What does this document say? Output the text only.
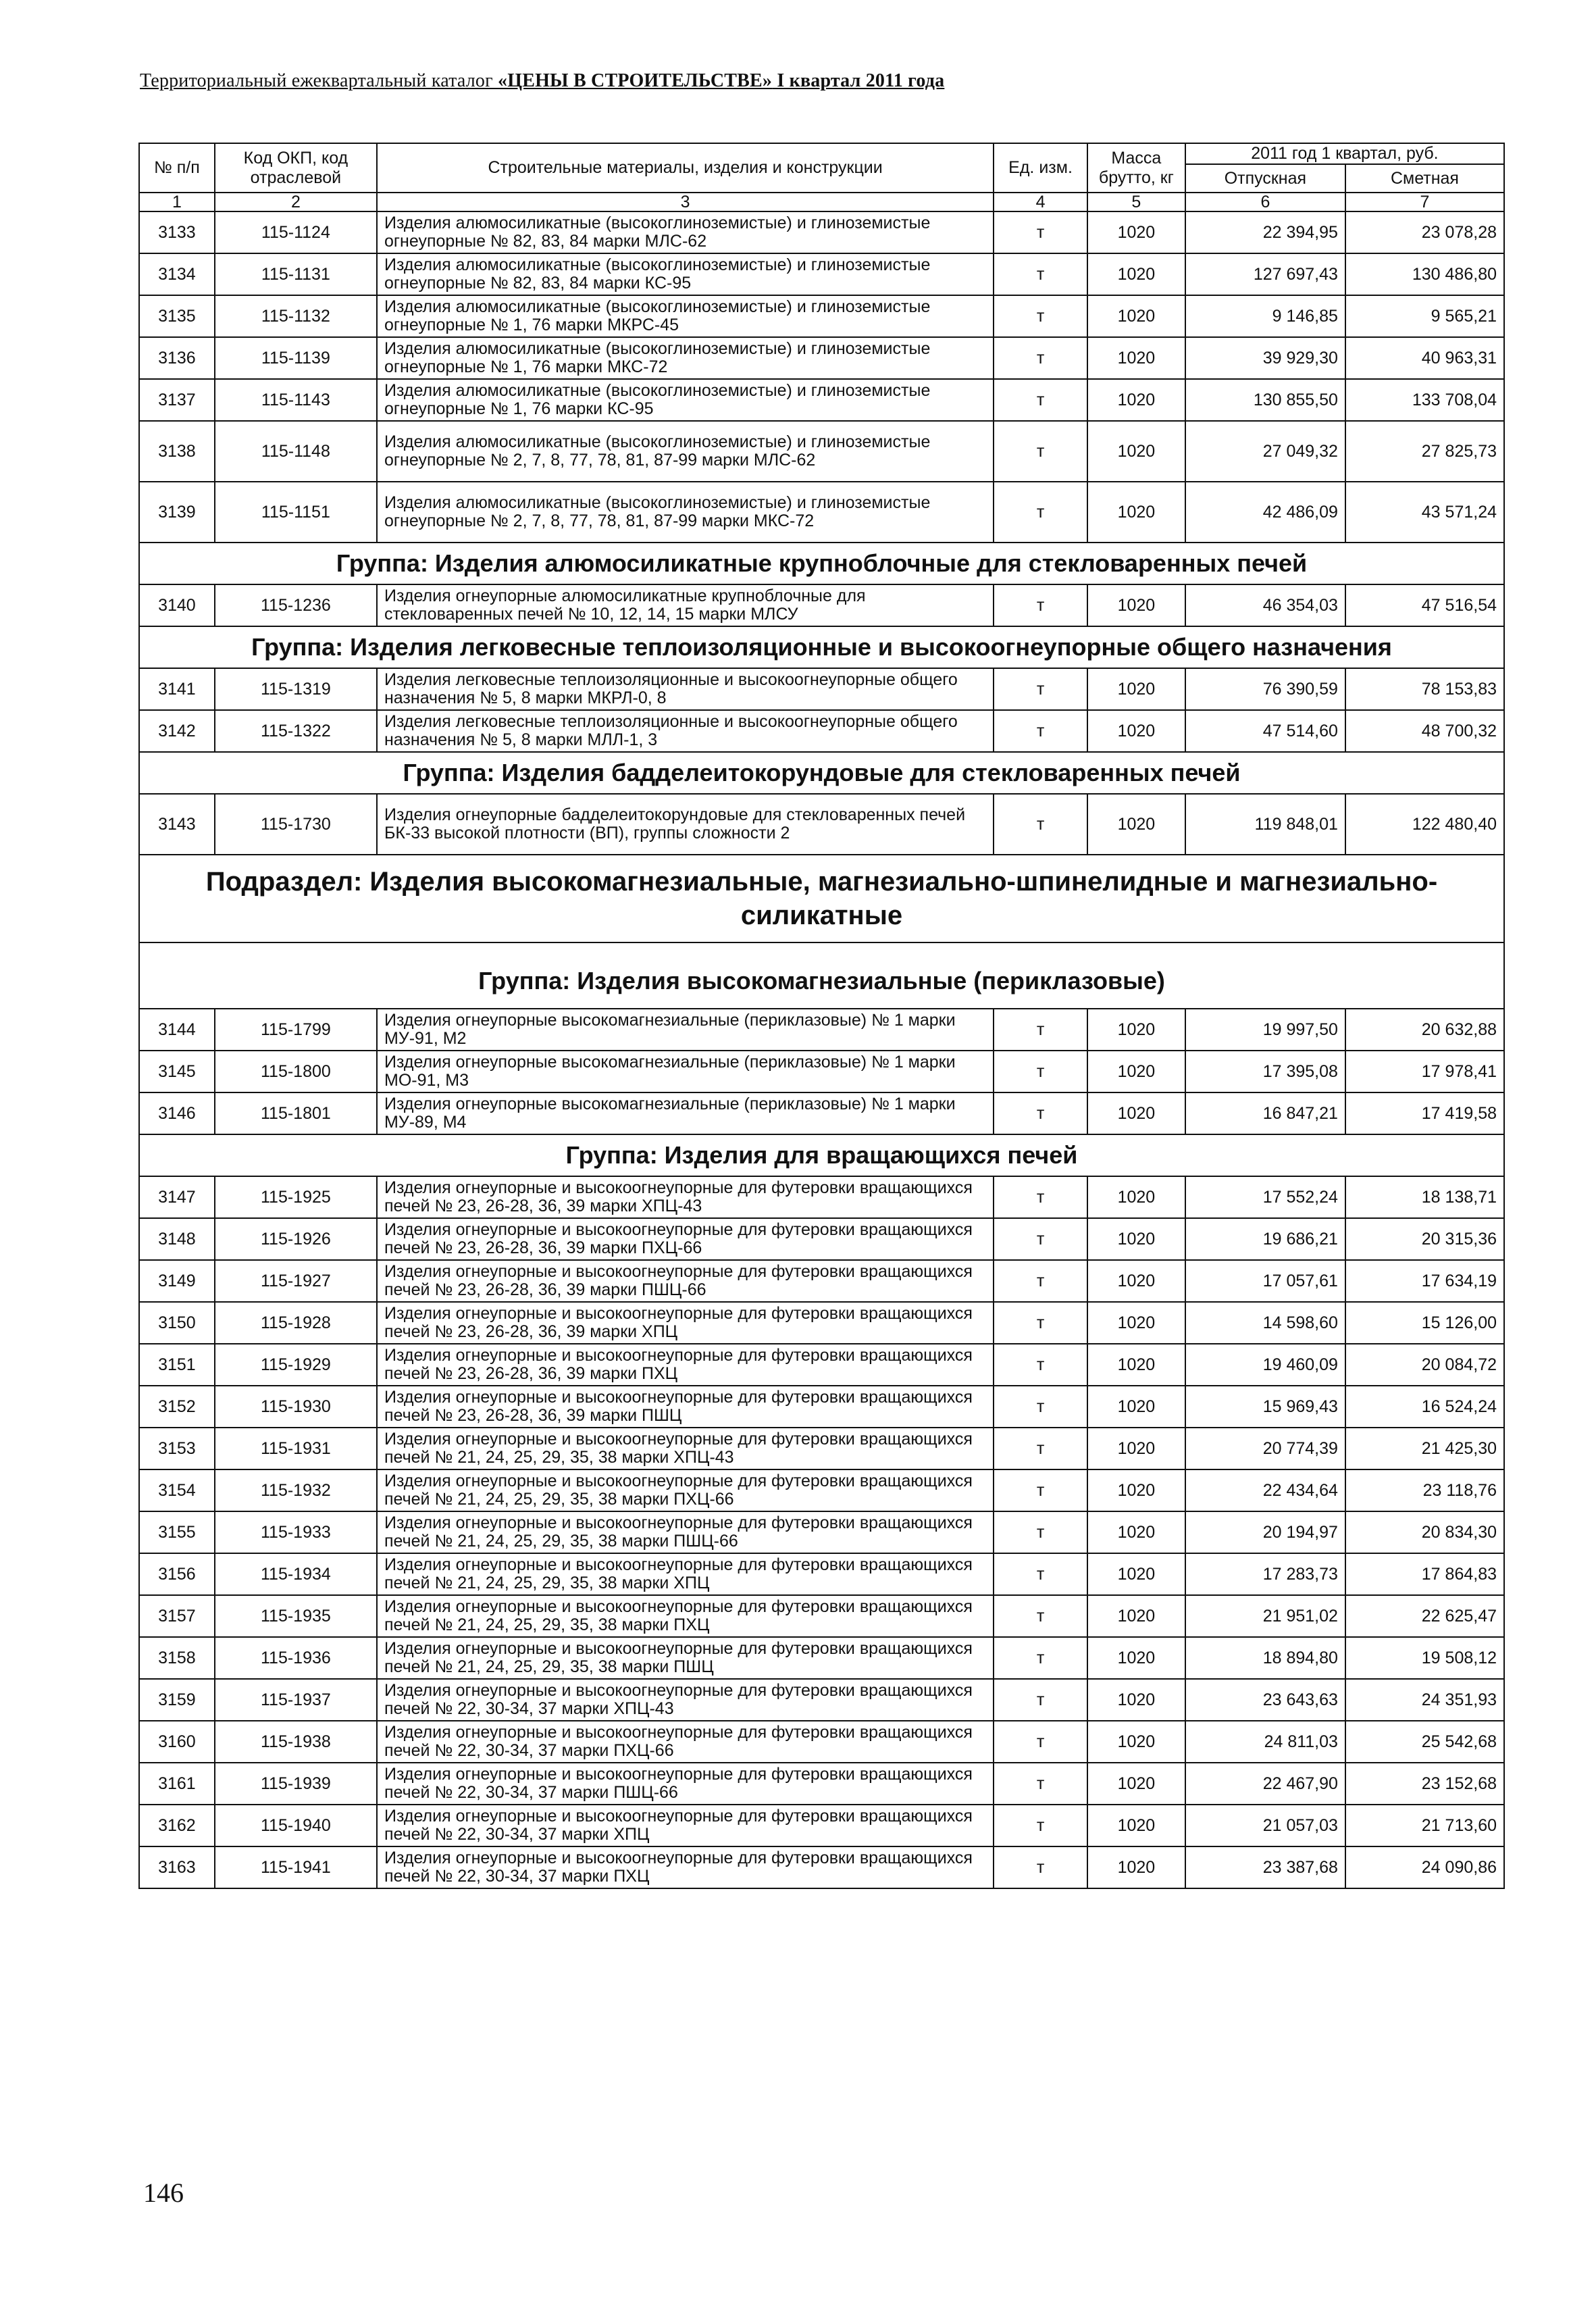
Территориальный ежеквартальный каталог «ЦЕНЫ В СТРОИТЕЛЬСТВЕ» I квартал 2011 года
№ п/п	Код ОКП, код отраслевой	Строительные материалы, изделия и конструкции	Ед. изм.	Масса брутто, кг	2011 год 1 квартал, руб.	
					Отпускная	Сметная
1	2	3	4	5	6	7
3133	115-1124	Изделия алюмосиликатные (высокоглиноземистые) и глиноземистые огнеупорные № 82, 83, 84 марки МЛС-62	т	1020	22 394,95	23 078,28
3134	115-1131	Изделия алюмосиликатные (высокоглиноземистые) и глиноземистые огнеупорные № 82, 83, 84 марки КС-95	т	1020	127 697,43	130 486,80
3135	115-1132	Изделия алюмосиликатные (высокоглиноземистые) и глиноземистые огнеупорные № 1, 76 марки МКРС-45	т	1020	9 146,85	9 565,21
3136	115-1139	Изделия алюмосиликатные (высокоглиноземистые) и глиноземистые огнеупорные № 1, 76 марки МКС-72	т	1020	39 929,30	40 963,31
3137	115-1143	Изделия алюмосиликатные (высокоглиноземистые) и глиноземистые огнеупорные № 1, 76 марки КС-95	т	1020	130 855,50	133 708,04
3138	115-1148	Изделия алюмосиликатные (высокоглиноземистые) и глиноземистые огнеупорные № 2, 7, 8, 77, 78, 81, 87-99 марки МЛС-62	т	1020	27 049,32	27 825,73
3139	115-1151	Изделия алюмосиликатные (высокоглиноземистые) и глиноземистые огнеупорные № 2, 7, 8, 77, 78, 81, 87-99 марки МКС-72	т	1020	42 486,09	43 571,24
Группа: Изделия алюмосиликатные крупноблочные для стекловаренных печей						
3140	115-1236	Изделия огнеупорные алюмосиликатные крупноблочные для стекловаренных печей № 10, 12, 14, 15 марки МЛСУ	т	1020	46 354,03	47 516,54
Группа: Изделия легковесные теплоизоляционные и высокоогнеупорные общего назначения						
3141	115-1319	Изделия легковесные теплоизоляционные и высокоогнеупорные общего назначения № 5, 8 марки МКРЛ-0, 8	т	1020	76 390,59	78 153,83
3142	115-1322	Изделия легковесные теплоизоляционные и высокоогнеупорные общего назначения № 5, 8 марки МЛЛ-1, 3	т	1020	47 514,60	48 700,32
Группа: Изделия бадделеитокорундовые для стекловаренных печей						
3143	115-1730	Изделия огнеупорные бадделеитокорундовые для стекловаренных печей БК-33 высокой плотности (ВП), группы сложности 2	т	1020	119 848,01	122 480,40
Подраздел: Изделия высокомагнезиальные, магнезиально-шпинелидные и магнезиально-силикатные						
Группа: Изделия высокомагнезиальные (периклазовые)						
3144	115-1799	Изделия огнеупорные высокомагнезиальные (периклазовые) № 1 марки МУ-91, М2	т	1020	19 997,50	20 632,88
3145	115-1800	Изделия огнеупорные высокомагнезиальные (периклазовые) № 1 марки МО-91, М3	т	1020	17 395,08	17 978,41
3146	115-1801	Изделия огнеупорные высокомагнезиальные (периклазовые) № 1 марки МУ-89, М4	т	1020	16 847,21	17 419,58
Группа: Изделия для вращающихся печей						
3147	115-1925	Изделия огнеупорные и высокоогнеупорные для футеровки вращающихся печей № 23, 26-28, 36, 39 марки ХПЦ-43	т	1020	17 552,24	18 138,71
3148	115-1926	Изделия огнеупорные и высокоогнеупорные для футеровки вращающихся печей № 23, 26-28, 36, 39 марки ПХЦ-66	т	1020	19 686,21	20 315,36
3149	115-1927	Изделия огнеупорные и высокоогнеупорные для футеровки вращающихся печей № 23, 26-28, 36, 39 марки ПШЦ-66	т	1020	17 057,61	17 634,19
3150	115-1928	Изделия огнеупорные и высокоогнеупорные для футеровки вращающихся печей № 23, 26-28, 36, 39 марки ХПЦ	т	1020	14 598,60	15 126,00
3151	115-1929	Изделия огнеупорные и высокоогнеупорные для футеровки вращающихся печей № 23, 26-28, 36, 39 марки ПХЦ	т	1020	19 460,09	20 084,72
3152	115-1930	Изделия огнеупорные и высокоогнеупорные для футеровки вращающихся печей № 23, 26-28, 36, 39 марки ПШЦ	т	1020	15 969,43	16 524,24
3153	115-1931	Изделия огнеупорные и высокоогнеупорные для футеровки вращающихся печей № 21, 24, 25, 29, 35, 38 марки ХПЦ-43	т	1020	20 774,39	21 425,30
3154	115-1932	Изделия огнеупорные и высокоогнеупорные для футеровки вращающихся печей № 21, 24, 25, 29, 35, 38 марки ПХЦ-66	т	1020	22 434,64	23 118,76
3155	115-1933	Изделия огнеупорные и высокоогнеупорные для футеровки вращающихся печей № 21, 24, 25, 29, 35, 38 марки ПШЦ-66	т	1020	20 194,97	20 834,30
3156	115-1934	Изделия огнеупорные и высокоогнеупорные для футеровки вращающихся печей № 21, 24, 25, 29, 35, 38 марки ХПЦ	т	1020	17 283,73	17 864,83
3157	115-1935	Изделия огнеупорные и высокоогнеупорные для футеровки вращающихся печей № 21, 24, 25, 29, 35, 38 марки ПХЦ	т	1020	21 951,02	22 625,47
3158	115-1936	Изделия огнеупорные и высокоогнеупорные для футеровки вращающихся печей № 21, 24, 25, 29, 35, 38 марки ПШЦ	т	1020	18 894,80	19 508,12
3159	115-1937	Изделия огнеупорные и высокоогнеупорные для футеровки вращающихся печей № 22, 30-34, 37 марки ХПЦ-43	т	1020	23 643,63	24 351,93
3160	115-1938	Изделия огнеупорные и высокоогнеупорные для футеровки вращающихся печей № 22, 30-34, 37 марки ПХЦ-66	т	1020	24 811,03	25 542,68
3161	115-1939	Изделия огнеупорные и высокоогнеупорные для футеровки вращающихся печей № 22, 30-34, 37 марки ПШЦ-66	т	1020	22 467,90	23 152,68
3162	115-1940	Изделия огнеупорные и высокоогнеупорные для футеровки вращающихся печей № 22, 30-34, 37 марки ХПЦ	т	1020	21 057,03	21 713,60
3163	115-1941	Изделия огнеупорные и высокоогнеупорные для футеровки вращающихся печей № 22, 30-34, 37 марки ПХЦ	т	1020	23 387,68	24 090,86
146
